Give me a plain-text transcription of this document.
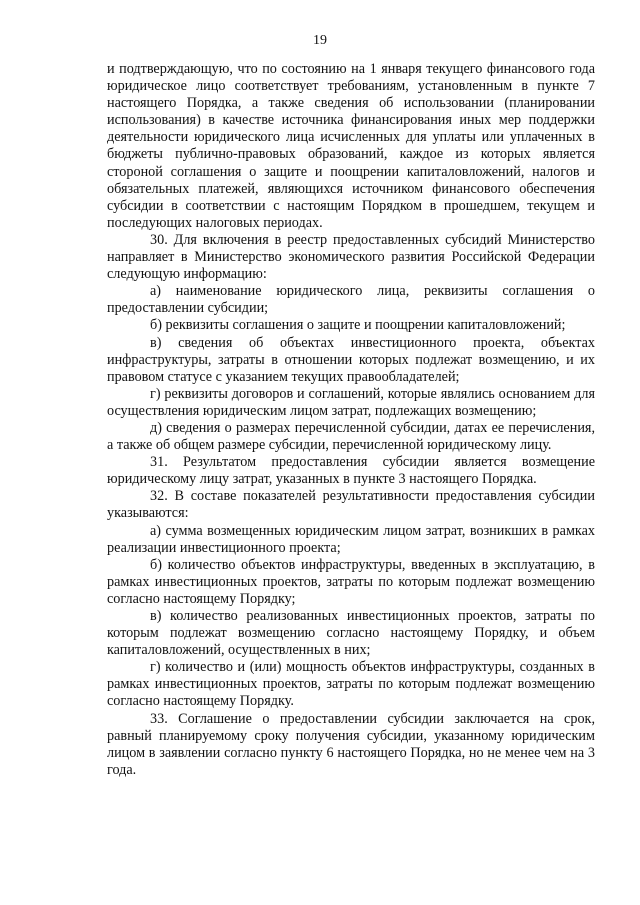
19

и подтверждающую, что по состоянию на 1 января текущего финансового года юридическое лицо соответствует требованиям, установленным в пункте 7 настоящего Порядка, а также сведения об использовании (планировании использования) в качестве источника финансирования иных мер поддержки деятельности юридического лица исчисленных для уплаты или уплаченных в бюджеты публично-правовых образований, каждое из которых является стороной соглашения о защите и поощрении капиталовложений, налогов и обязательных платежей, являющихся источником финансового обеспечения субсидии в соответствии с настоящим Порядком в прошедшем, текущем и последующих налоговых периодах.

30. Для включения в реестр предоставленных субсидий Министерство направляет в Министерство экономического развития Российской Федерации следующую информацию:

а) наименование юридического лица, реквизиты соглашения о предоставлении субсидии;

б) реквизиты соглашения о защите и поощрении капиталовложений;

в) сведения об объектах инвестиционного проекта, объектах инфраструктуры, затраты в отношении которых подлежат возмещению, и их правовом статусе с указанием текущих правообладателей;

г) реквизиты договоров и соглашений, которые являлись основанием для осуществления юридическим лицом затрат, подлежащих возмещению;

д) сведения о размерах перечисленной субсидии, датах ее перечисления, а также об общем размере субсидии, перечисленной юридическому лицу.

31. Результатом предоставления субсидии является возмещение юридическому лицу затрат, указанных в пункте 3 настоящего Порядка.

32. В составе показателей результативности предоставления субсидии указываются:

а) сумма возмещенных юридическим лицом затрат, возникших в рамках реализации инвестиционного проекта;

б) количество объектов инфраструктуры, введенных в эксплуатацию, в рамках инвестиционных проектов, затраты по которым подлежат возмещению согласно настоящему Порядку;

в) количество реализованных инвестиционных проектов, затраты по которым подлежат возмещению согласно настоящему Порядку, и объем капиталовложений, осуществленных в них;

г) количество и (или) мощность объектов инфраструктуры, созданных в рамках инвестиционных проектов, затраты по которым подлежат возмещению согласно настоящему Порядку.

33. Соглашение о предоставлении субсидии заключается на срок, равный планируемому сроку получения субсидии, указанному юридическим лицом в заявлении согласно пункту 6 настоящего Порядка, но не менее чем на 3 года.
